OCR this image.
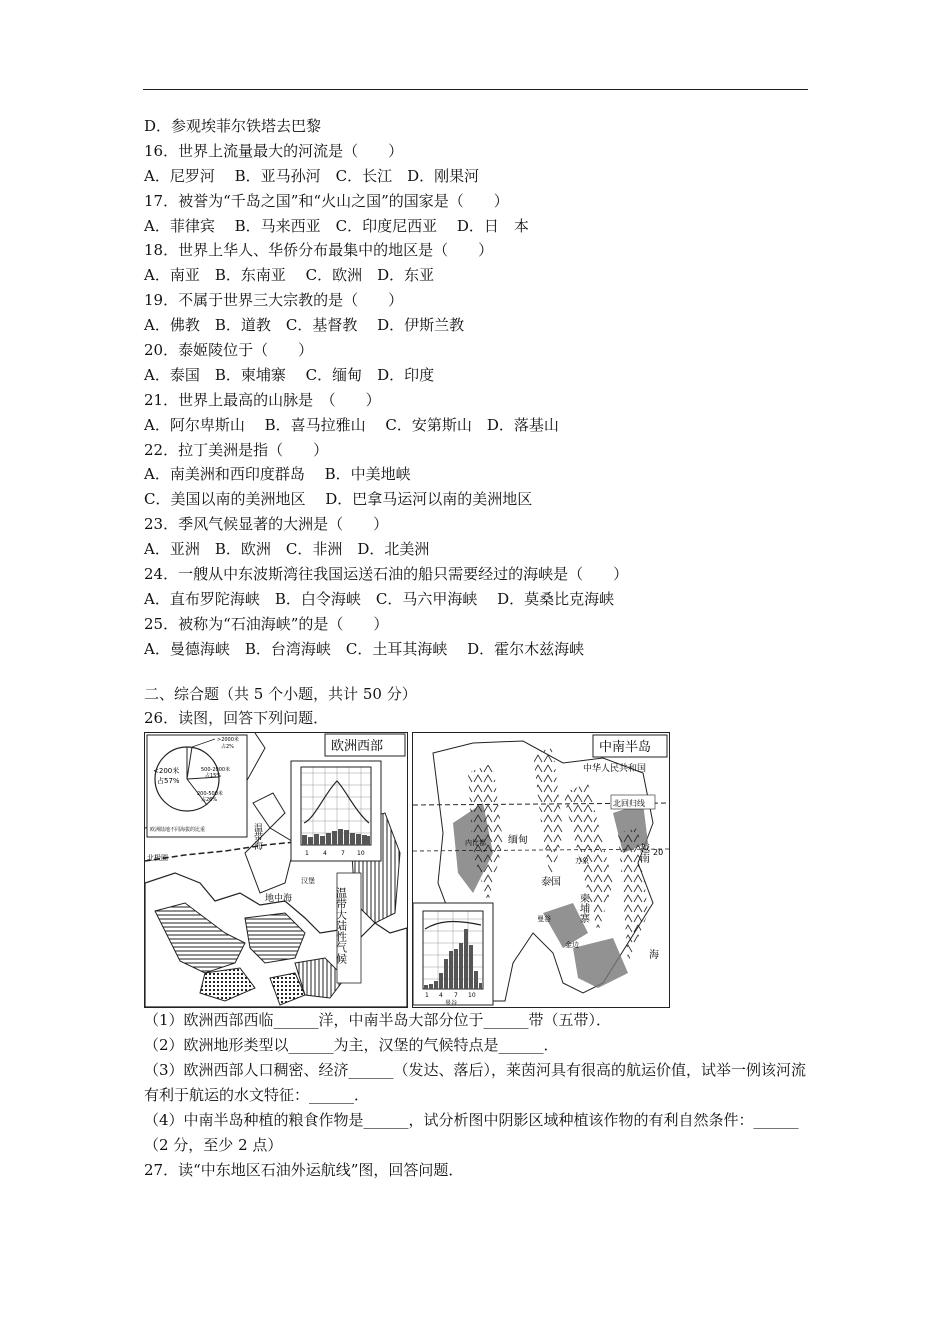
D．参观埃菲尔铁塔去巴黎
16．世界上流量最大的河流是（　　）
A．尼罗河　 B．亚马孙河　C．长江　D．刚果河
17．被誉为“千岛之国”和“火山之国”的国家是（　　）
A．菲律宾　 B．马来西亚　C．印度尼西亚　 D．日　本
18．世界上华人、华侨分布最集中的地区是（　　）
A．南亚　B．东南亚　 C．欧洲　D．东亚
19．不属于世界三大宗教的是（　　）
A．佛教　B．道教　C．基督教　 D．伊斯兰教
20．泰姬陵位于（　　）
A．泰国　B．柬埔寨　 C．缅甸　D．印度
21．世界上最高的山脉是　（　　）
A．阿尔卑斯山　 B．喜马拉雅山　 C．安第斯山　D．落基山
22．拉丁美洲是指（　　）
A．南美洲和西印度群岛　 B．中美地峡
C．美国以南的美洲地区　 D．巴拿马运河以南的美洲地区
23．季风气候显著的大洲是（　　）
A．亚洲　B．欧洲　C．非洲　D．北美洲
24．一艘从中东波斯湾往我国运送石油的船只需要经过的海峡是（　　）
A．直布罗陀海峡　B．白令海峡　C．马六甲海峡　 D．莫桑比克海峡
25．被称为“石油海峡”的是（　　）
A．曼德海峡　B．台湾海峡　C．土耳其海峡　 D．霍尔木兹海峡
二、综合题（共 5 个小题，共计 50 分）
26．读图，回答下列问题．
<200米
占57%
>2000米
占2%
500-2000米
占15%
200-500米
占26%
欧洲陆地不同海拔的比重
欧洲西部
1 4 7 10
温带大陆性气候
温带海
地中海
北极圈
汉堡
中南半岛
中华人民共和国
北回归线
内比都
万象
泰国
缅甸
曼谷	柬埔寨
金边
越南
海
20
1 4 7 10
曼谷
（1）欧洲西部西临______洋，中南半岛大部分位于______带（五带）．
（2）欧洲地形类型以______为主，汉堡的气候特点是______．
（3）欧洲西部人口稠密、经济______（发达、落后），莱茵河具有很高的航运价值，试举一例该河流有利于航运的水文特征：______．
（4）中南半岛种植的粮食作物是______，试分析图中阴影区域种植该作物的有利自然条件：______（2 分，至少 2 点）
27．读“中东地区石油外运航线”图，回答问题．
